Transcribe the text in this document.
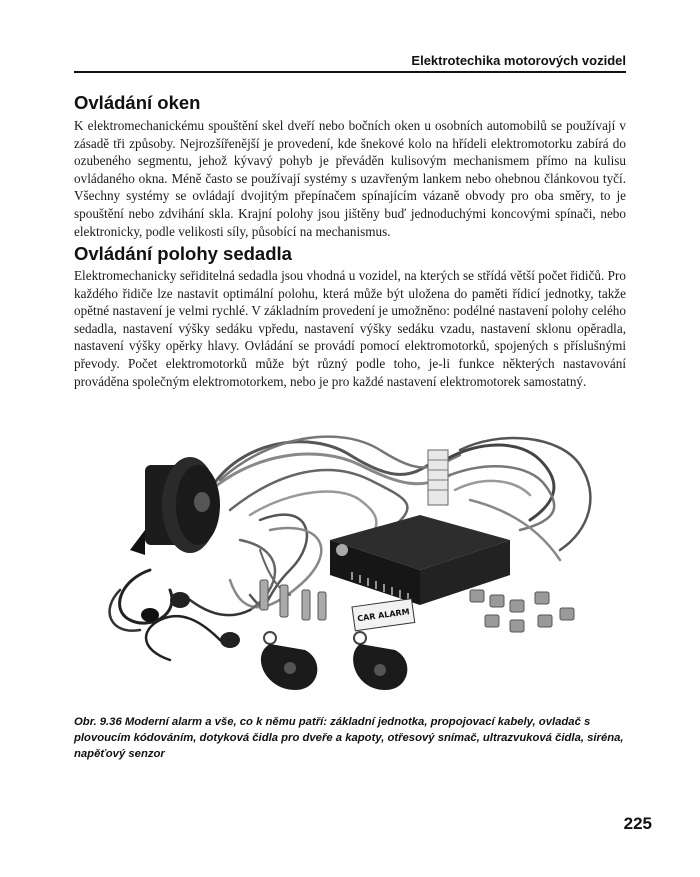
Elektrotechika motorových vozidel
Ovládání oken

K elektromechanickému spouštění skel dveří nebo bočních oken u osobních automobilů se používají v zásadě tři způsoby. Nejrozšířenější je provedení, kde šnekové kolo na hřídeli elektromotorku zabírá do ozubeného segmentu, jehož kývavý pohyb je převáděn kulisovým mechanismem přímo na kulisu ovládaného okna. Méně často se používají systémy s uzavřeným lankem nebo ohebnou článkovou tyčí. Všechny systémy se ovládají dvojitým přepínačem spínajícím vázaně obvody pro oba směry, to je spouštění nebo zdvihání skla. Krajní polohy jsou jištěny buď jednoduchými koncovými spínači, nebo elektronicky, podle velikosti síly, působící na mechanismus.

Ovládání polohy sedadla

Elektromechanicky seřiditelná sedadla jsou vhodná u vozidel, na kterých se střídá větší počet řidičů. Pro každého řidiče lze nastavit optimální polohu, která může být uložena do paměti řídicí jednotky, takže opětné nastavení je velmi rychlé. V základním provedení je umožněno: podélné nastavení polohy celého sedadla, nastavení výšky sedáku vpředu, nastavení výšky sedáku vzadu, nastavení sklonu opěradla, nastavení výšky opěrky hlavy. Ovládání se provádí pomocí elektromotorků, spojených s příslušnými převody. Počet elektromotorků může být různý podle toho, je-li funkce některých nastavování prováděna společným elektromotorkem, nebo je pro každé nastavení elektromotorek samostatný.

CAR ALARM

Obr. 9.36 Moderní alarm a vše, co k němu patří: základní jednotka, propojovací kabely, ovladač s plovoucím kódováním, dotyková čidla pro dveře a kapoty, otřesový snímač, ultrazvuková čidla, siréna, napěťový senzor

225
